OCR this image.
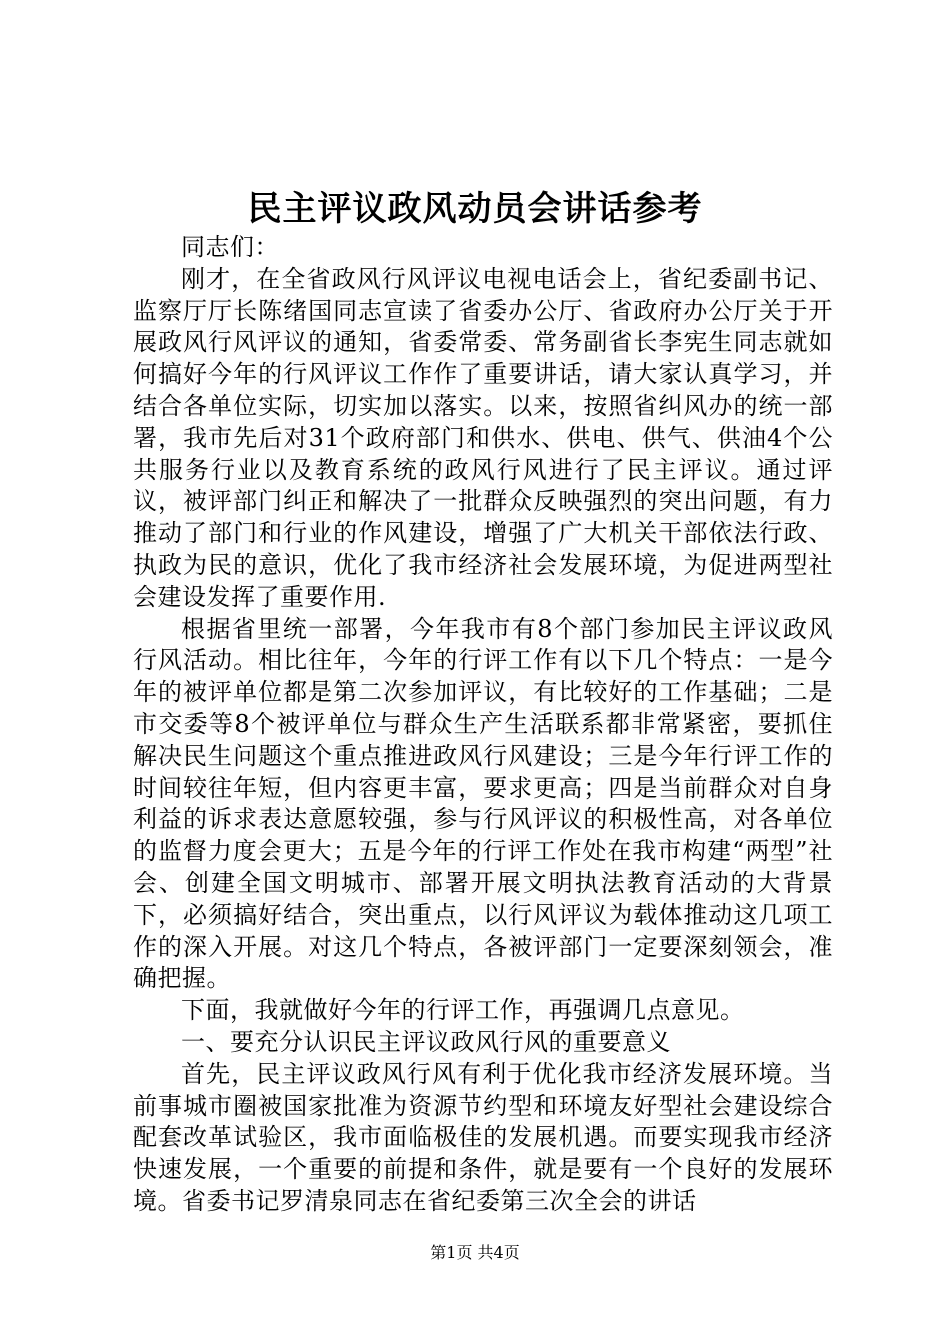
民主评议政风动员会讲话参考

同志们：

刚才，在全省政风行风评议电视电话会上，省纪委副书记、监察厅厅长陈绪国同志宣读了省委办公厅、省政府办公厅关于开展政风行风评议的通知，省委常委、常务副省长李宪生同志就如何搞好今年的行风评议工作作了重要讲话，请大家认真学习，并结合各单位实际，切实加以落实。以来，按照省纠风办的统一部署，我市先后对31个政府部门和供水、供电、供气、供油4个公共服务行业以及教育系统的政风行风进行了民主评议。通过评议，被评部门纠正和解决了一批群众反映强烈的突出问题，有力推动了部门和行业的作风建设，增强了广大机关干部依法行政、执政为民的意识，优化了我市经济社会发展环境，为促进两型社会建设发挥了重要作用.

根据省里统一部署，今年我市有8个部门参加民主评议政风行风活动。相比往年，今年的行评工作有以下几个特点：一是今年的被评单位都是第二次参加评议，有比较好的工作基础；二是市交委等8个被评单位与群众生产生活联系都非常紧密，要抓住解决民生问题这个重点推进政风行风建设；三是今年行评工作的时间较往年短，但内容更丰富，要求更高；四是当前群众对自身利益的诉求表达意愿较强，参与行风评议的积极性高，对各单位的监督力度会更大；五是今年的行评工作处在我市构建“两型”社会、创建全国文明城市、部署开展文明执法教育活动的大背景下，必须搞好结合，突出重点，以行风评议为载体推动这几项工作的深入开展。对这几个特点，各被评部门一定要深刻领会，准确把握。

下面，我就做好今年的行评工作，再强调几点意见。

一、要充分认识民主评议政风行风的重要意义

首先，民主评议政风行风有利于优化我市经济发展环境。当前事城市圈被国家批准为资源节约型和环境友好型社会建设综合配套改革试验区，我市面临极佳的发展机遇。而要实现我市经济快速发展，一个重要的前提和条件，就是要有一个良好的发展环境。省委书记罗清泉同志在省纪委第三次全会的讲话

第1页 共4页
